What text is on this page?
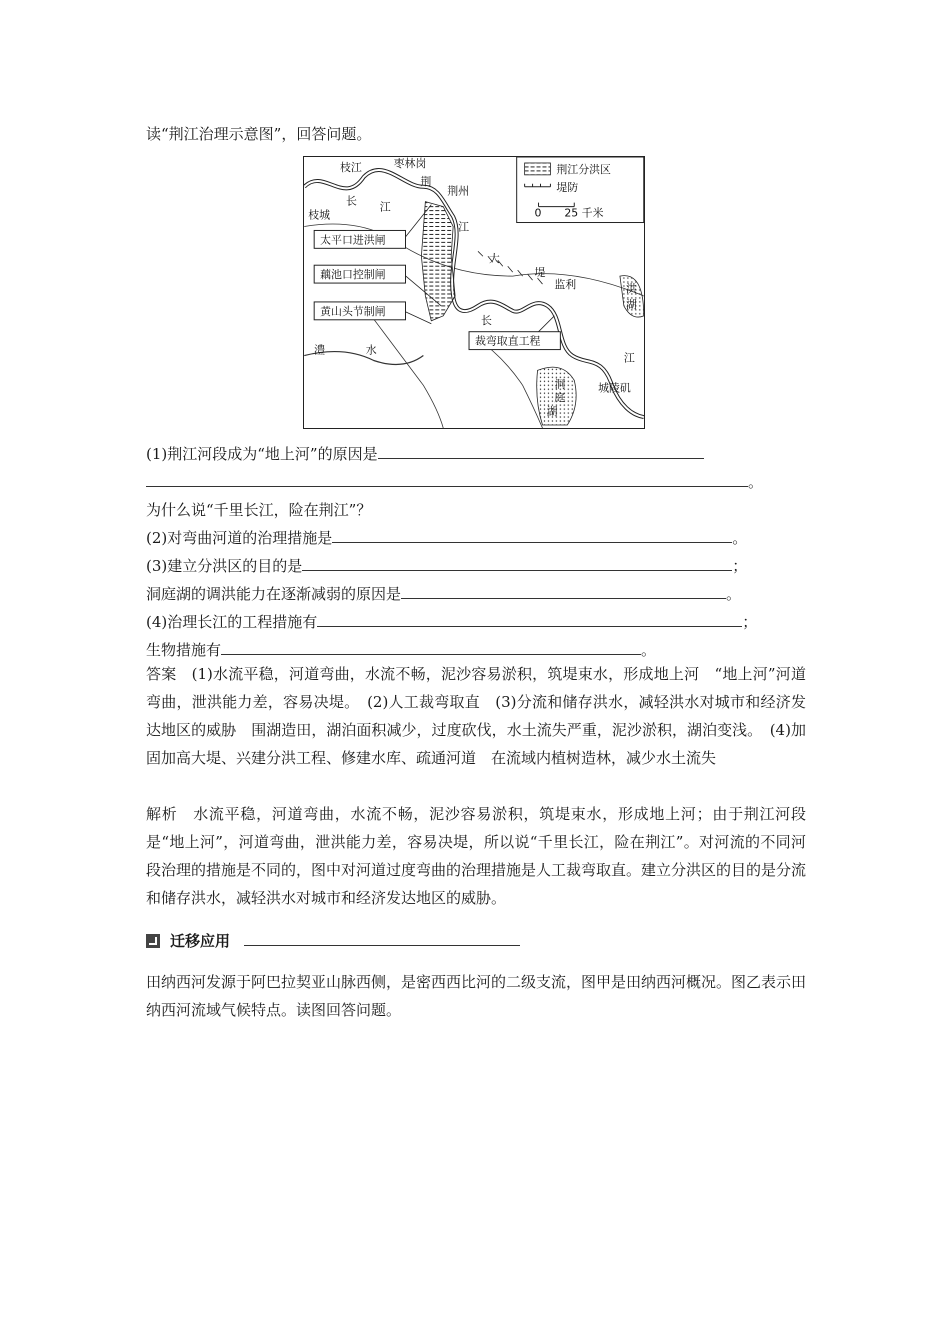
读“荆江治理示意图”，回答问题。
荆江分洪区
堤防
0 25 千米
枝江	枣林岗
荆
荆州
枝城
长 江
江
大
堤
监利	洪
湖
长
江
澧	水
洞
庭
湖
城陵矶
太平口进洪闸
藕池口控制闸
黄山头节制闸
裁弯取直工程
(1)荆江河段成为“地上河”的原因是
。
为什么说“千里长江，险在荆江”？
(2)对弯曲河道的治理措施是	。
(3)建立分洪区的目的是	；
洞庭湖的调洪能力在逐渐减弱的原因是	。
(4)治理长江的工程措施有	；
生物措施有	。
答案　(1)水流平稳，河道弯曲，水流不畅，泥沙容易淤积，筑堤束水，形成地上河　“地上河”河道弯曲，泄洪能力差，容易决堤。　(2)人工裁弯取直　(3)分流和储存洪水，减轻洪水对城市和经济发达地区的威胁　围湖造田，湖泊面积减少，过度砍伐，水土流失严重，泥沙淤积，湖泊变浅。　(4)加固加高大堤、兴建分洪工程、修建水库、疏通河道　在流域内植树造林，减少水土流失
解析　水流平稳，河道弯曲，水流不畅，泥沙容易淤积，筑堤束水，形成地上河；由于荆江河段是“地上河”，河道弯曲，泄洪能力差，容易决堤，所以说“千里长江，险在荆江”。对河流的不同河段治理的措施是不同的，图中对河道过度弯曲的治理措施是人工裁弯取直。建立分洪区的目的是分流和储存洪水，减轻洪水对城市和经济发达地区的威胁。
迁移应用
田纳西河发源于阿巴拉契亚山脉西侧，是密西西比河的二级支流，图甲是田纳西河概况。图乙表示田纳西河流域气候特点。读图回答问题。
